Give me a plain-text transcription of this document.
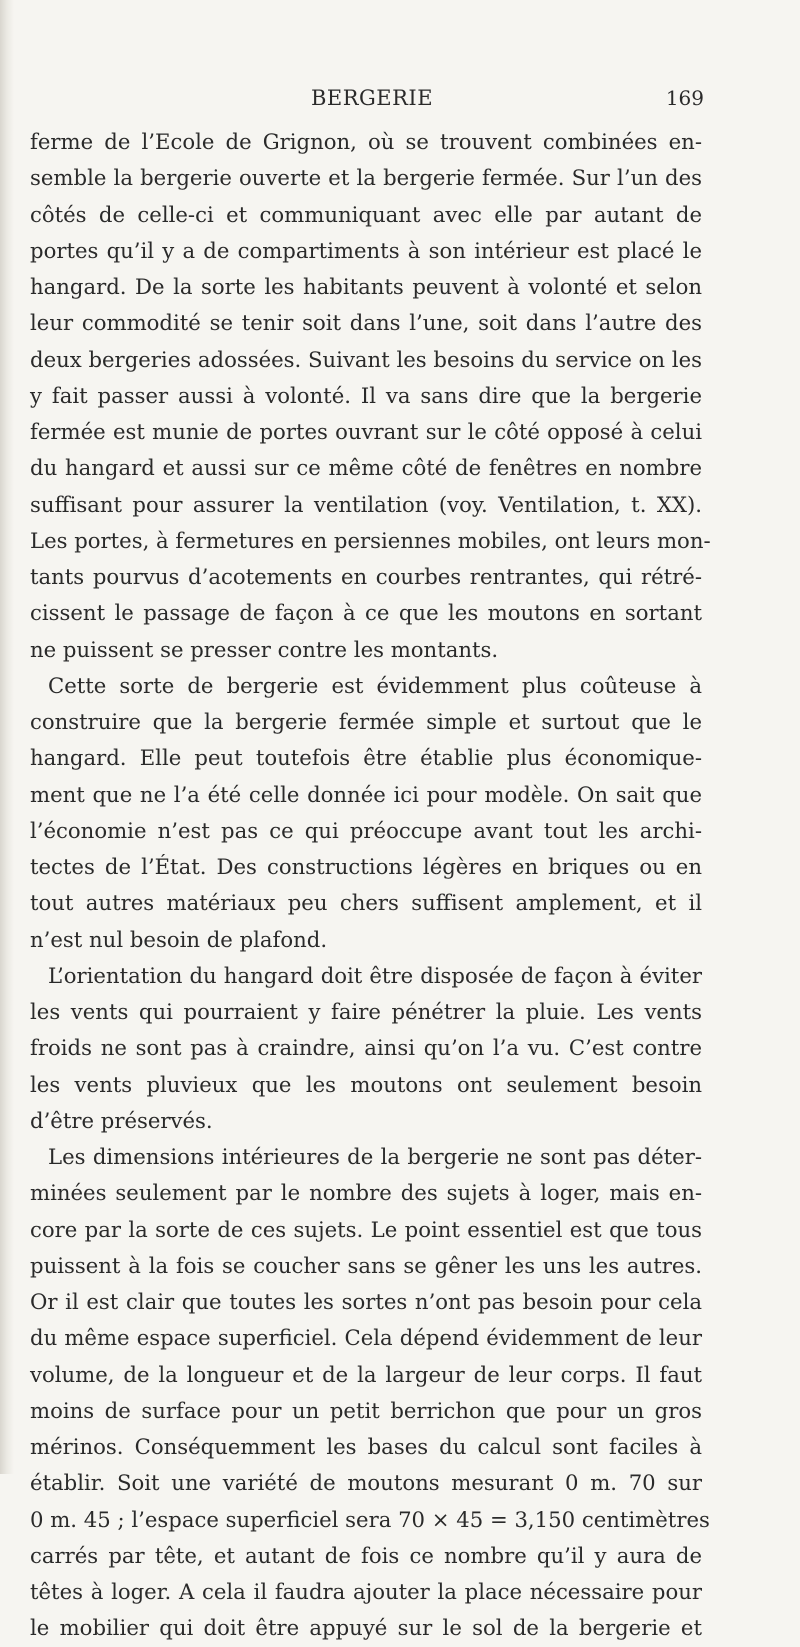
BERGERIE	169
ferme de l’Ecole de Grignon, où se trouvent combinées en-
semble la bergerie ouverte et la bergerie fermée. Sur l’un des
côtés de celle-ci et communiquant avec elle par autant de
portes qu’il y a de compartiments à son intérieur est placé le
hangard. De la sorte les habitants peuvent à volonté et selon
leur commodité se tenir soit dans l’une, soit dans l’autre des
deux bergeries adossées. Suivant les besoins du service on les
y fait passer aussi à volonté. Il va sans dire que la bergerie
fermée est munie de portes ouvrant sur le côté opposé à celui
du hangard et aussi sur ce même côté de fenêtres en nombre
suffisant pour assurer la ventilation (voy. Ventilation, t. XX).
Les portes, à fermetures en persiennes mobiles, ont leurs mon-
tants pourvus d’acotements en courbes rentrantes, qui rétré-
cissent le passage de façon à ce que les moutons en sortant
ne puissent se presser contre les montants.
Cette sorte de bergerie est évidemment plus coûteuse à
construire que la bergerie fermée simple et surtout que le
hangard. Elle peut toutefois être établie plus économique-
ment que ne l’a été celle donnée ici pour modèle. On sait que
l’économie n’est pas ce qui préoccupe avant tout les archi-
tectes de l’État. Des constructions légères en briques ou en
tout autres matériaux peu chers suffisent amplement, et il
n’est nul besoin de plafond.
L’orientation du hangard doit être disposée de façon à éviter
les vents qui pourraient y faire pénétrer la pluie. Les vents
froids ne sont pas à craindre, ainsi qu’on l’a vu. C’est contre
les vents pluvieux que les moutons ont seulement besoin
d’être préservés.
Les dimensions intérieures de la bergerie ne sont pas déter-
minées seulement par le nombre des sujets à loger, mais en-
core par la sorte de ces sujets. Le point essentiel est que tous
puissent à la fois se coucher sans se gêner les uns les autres.
Or il est clair que toutes les sortes n’ont pas besoin pour cela
du même espace superficiel. Cela dépend évidemment de leur
volume, de la longueur et de la largeur de leur corps. Il faut
moins de surface pour un petit berrichon que pour un gros
mérinos. Conséquemment les bases du calcul sont faciles à
établir. Soit une variété de moutons mesurant 0 m. 70 sur
0 m. 45 ; l’espace superficiel sera 70 × 45 = 3,150 centimètres
carrés par tête, et autant de fois ce nombre qu’il y aura de
têtes à loger. A cela il faudra ajouter la place nécessaire pour
le mobilier qui doit être appuyé sur le sol de la bergerie et
